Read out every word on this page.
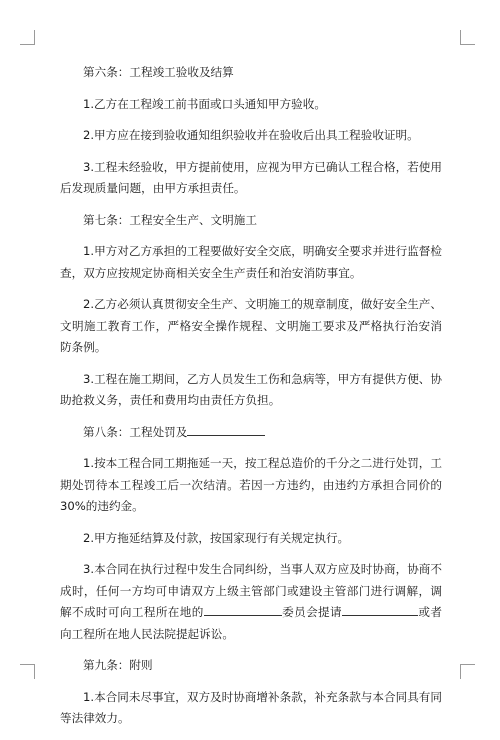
第六条：工程竣工验收及结算

1.乙方在工程竣工前书面或口头通知甲方验收。

2.甲方应在接到验收通知组织验收并在验收后出具工程验收证明。

3.工程未经验收，甲方提前使用，应视为甲方已确认工程合格，若使用后发现质量问题，由甲方承担责任。

第七条：工程安全生产、文明施工

1.甲方对乙方承担的工程要做好安全交底，明确安全要求并进行监督检查，双方应按规定协商相关安全生产责任和治安消防事宜。

2.乙方必须认真贯彻安全生产、文明施工的规章制度，做好安全生产、文明施工教育工作，严格安全操作规程、文明施工要求及严格执行治安消防条例。

3.工程在施工期间，乙方人员发生工伤和急病等，甲方有提供方便、协助抢救义务，责任和费用均由责任方负担。

第八条：工程处罚及

1.按本工程合同工期拖延一天，按工程总造价的千分之二进行处罚，工期处罚待本工程竣工后一次结清。若因一方违约，由违约方承担合同价的30%的违约金。

2.甲方拖延结算及付款，按国家现行有关规定执行。

3.本合同在执行过程中发生合同纠纷，当事人双方应及时协商，协商不成时，任何一方均可申请双方上级主管部门或建设主管部门进行调解，调解不成时可向工程所在地的	委员会提请	或者向工程所在地人民法院提起诉讼。

第九条：附则

1.本合同未尽事宜，双方及时协商增补条款，补充条款与本合同具有同等法律效力。
